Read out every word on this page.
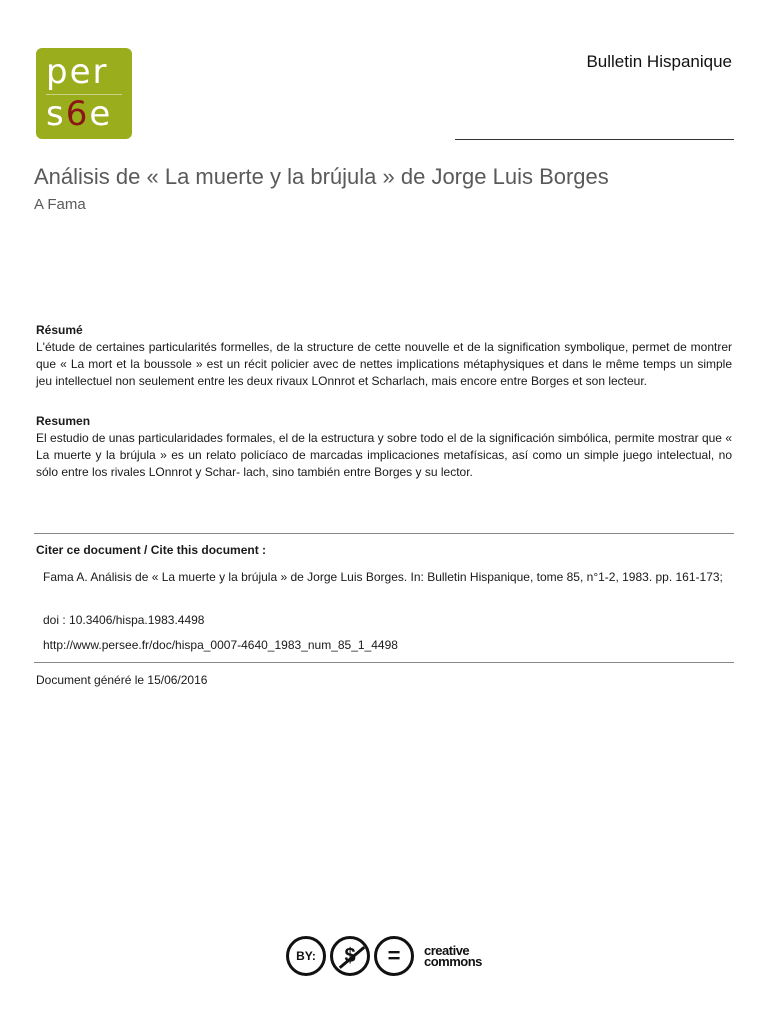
per
s6e
Bulletin Hispanique
Análisis de « La muerte y la brújula » de Jorge Luis Borges
A Fama
Résumé
L'étude de certaines particularités formelles, de la structure de cette nouvelle et de la signification symbolique, permet de montrer que « La mort et la boussole » est un récit policier avec de nettes implications métaphysiques et dans le même temps un simple jeu intellectuel non seulement entre les deux rivaux LOnnrot et Scharlach, mais encore entre Borges et son lecteur.
Resumen
El estudio de unas particularidades formales, el de la estructura y sobre todo el de la significación simbólica, permite mostrar que « La muerte y la brújula » es un relato policíaco de marcadas implicaciones metafísicas, así como un simple juego intelectual, no sólo entre los rivales LOnnrot y Schar- lach, sino también entre Borges y su lector.
Citer ce document / Cite this document :
Fama A. Análisis de « La muerte y la brújula » de Jorge Luis Borges. In: Bulletin Hispanique, tome 85, n°1-2, 1983. pp. 161-173;
doi : 10.3406/hispa.1983.4498
http://www.persee.fr/doc/hispa_0007-4640_1983_num_85_1_4498
Document généré le 15/06/2016
BY:	$	=	creative
commons
